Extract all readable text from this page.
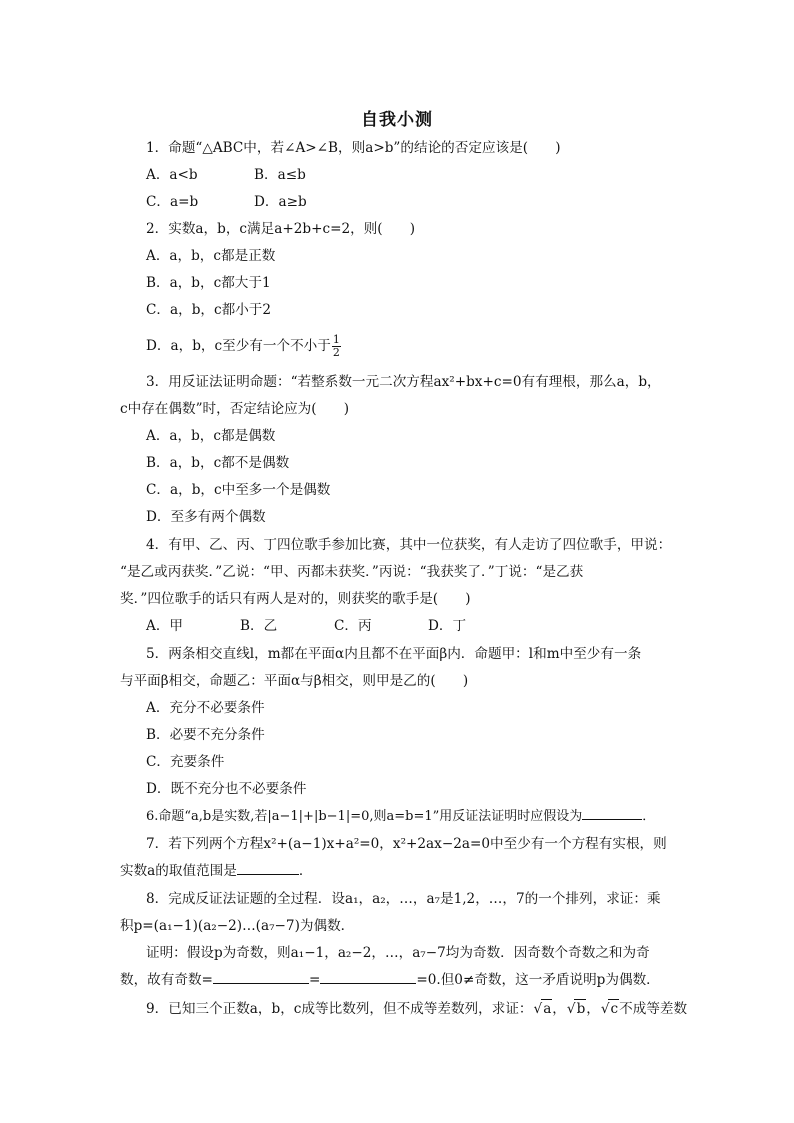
自我小测
1．命题“△ABC中，若∠A>∠B，则a>b”的结论的否定应该是(　　)
A．a<b	B．a≤b
C．a=b	D．a≥b
2．实数a，b，c满足a+2b+c=2，则(　　)
A．a，b，c都是正数
B．a，b，c都大于1
C．a，b，c都小于2
D．a，b，c至少有一个不小于 $\frac{1}{2}$
3．用反证法证明命题：“若整系数一元二次方程ax²+bx+c=0有有理根，那么a，b，
c中存在偶数”时，否定结论应为(　　)
A．a，b，c都是偶数
B．a，b，c都不是偶数
C．a，b，c中至多一个是偶数
D．至多有两个偶数
4．有甲、乙、丙、丁四位歌手参加比赛，其中一位获奖，有人走访了四位歌手，甲说：
“是乙或丙获奖．”乙说：“甲、丙都未获奖．”丙说：“我获奖了．”丁说：“是乙获
奖．”四位歌手的话只有两人是对的，则获奖的歌手是(　　)
A．甲	B．乙	C．丙	D．丁
5．两条相交直线l，m都在平面α内且都不在平面β内．命题甲：l和m中至少有一条
与平面β相交，命题乙：平面α与β相交，则甲是乙的(　　)
A．充分不必要条件
B．必要不充分条件
C．充要条件
D．既不充分也不必要条件
6.命题“a,b是实数,若|a−1|+|b−1|=0,则a=b=1”用反证法证明时应假设为	．
7．若下列两个方程x²+(a−1)x+a²=0，x²+2ax−2a=0中至少有一个方程有实根，则
实数a的取值范围是	．
8．完成反证法证题的全过程．设a₁，a₂，…，a₇是1,2，…，7的一个排列，求证：乘
积p=(a₁−1)(a₂−2)…(a₇−7)为偶数．
证明：假设p为奇数，则a₁−1，a₂−2，…，a₇−7均为奇数．因奇数个奇数之和为奇
数，故有奇数=	=	=0.但0≠奇数，这一矛盾说明p为偶数．
9．已知三个正数a，b，c成等比数列，但不成等差数列，求证： √ a， √ b， √ c不成等差数
